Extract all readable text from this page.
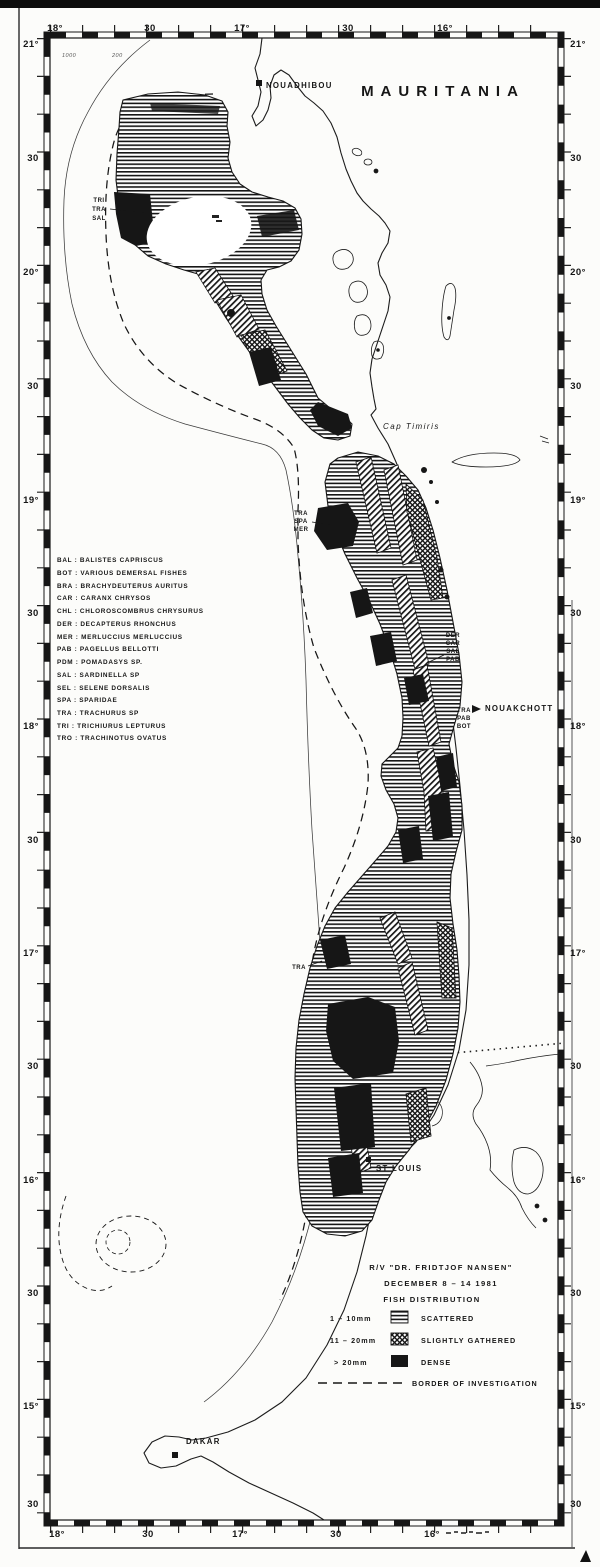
18°	30	17°	30	16°
18°	30	17°	30	16°
21°
30
20°
30
19°
30
18°
30
17°
30
16°
30
15°
30
21°
30
20°
30
19°
30
18°
30
17°
30
16°
30
15°
30
1000	200
NOUADHIBOU MAURITANIA
Cap Timiris
NOUAKCHOTT
ST LOUIS
DAKAR
TRI
TRA
SAL
TRA
SPA
MER
DER
CAR
SAL
PAB
TRA
PAB
BOT
TRA
BAL : BALISTES CAPRISCUS
BOT : VARIOUS DEMERSAL FISHES
BRA : BRACHYDEUTERUS AURITUS
CAR : CARANX CHRYSOS
CHL : CHLOROSCOMBRUS CHRYSURUS
DER : DECAPTERUS RHONCHUS
MER : MERLUCCIUS MERLUCCIUS
PAB : PAGELLUS BELLOTTI
PDM : POMADASYS SP.
SAL : SARDINELLA SP
SEL : SELENE DORSALIS
SPA : SPARIDAE
TRA : TRACHURUS SP
TRI : TRICHIURUS LEPTURUS
TRO : TRACHINOTUS OVATUS
R/V "DR. FRIDTJOF NANSEN"
DECEMBER 8 – 14 1981
FISH DISTRIBUTION
1 – 10mm	SCATTERED
11 – 20mm	SLIGHTLY GATHERED
> 20mm	DENSE
BORDER OF INVESTIGATION
